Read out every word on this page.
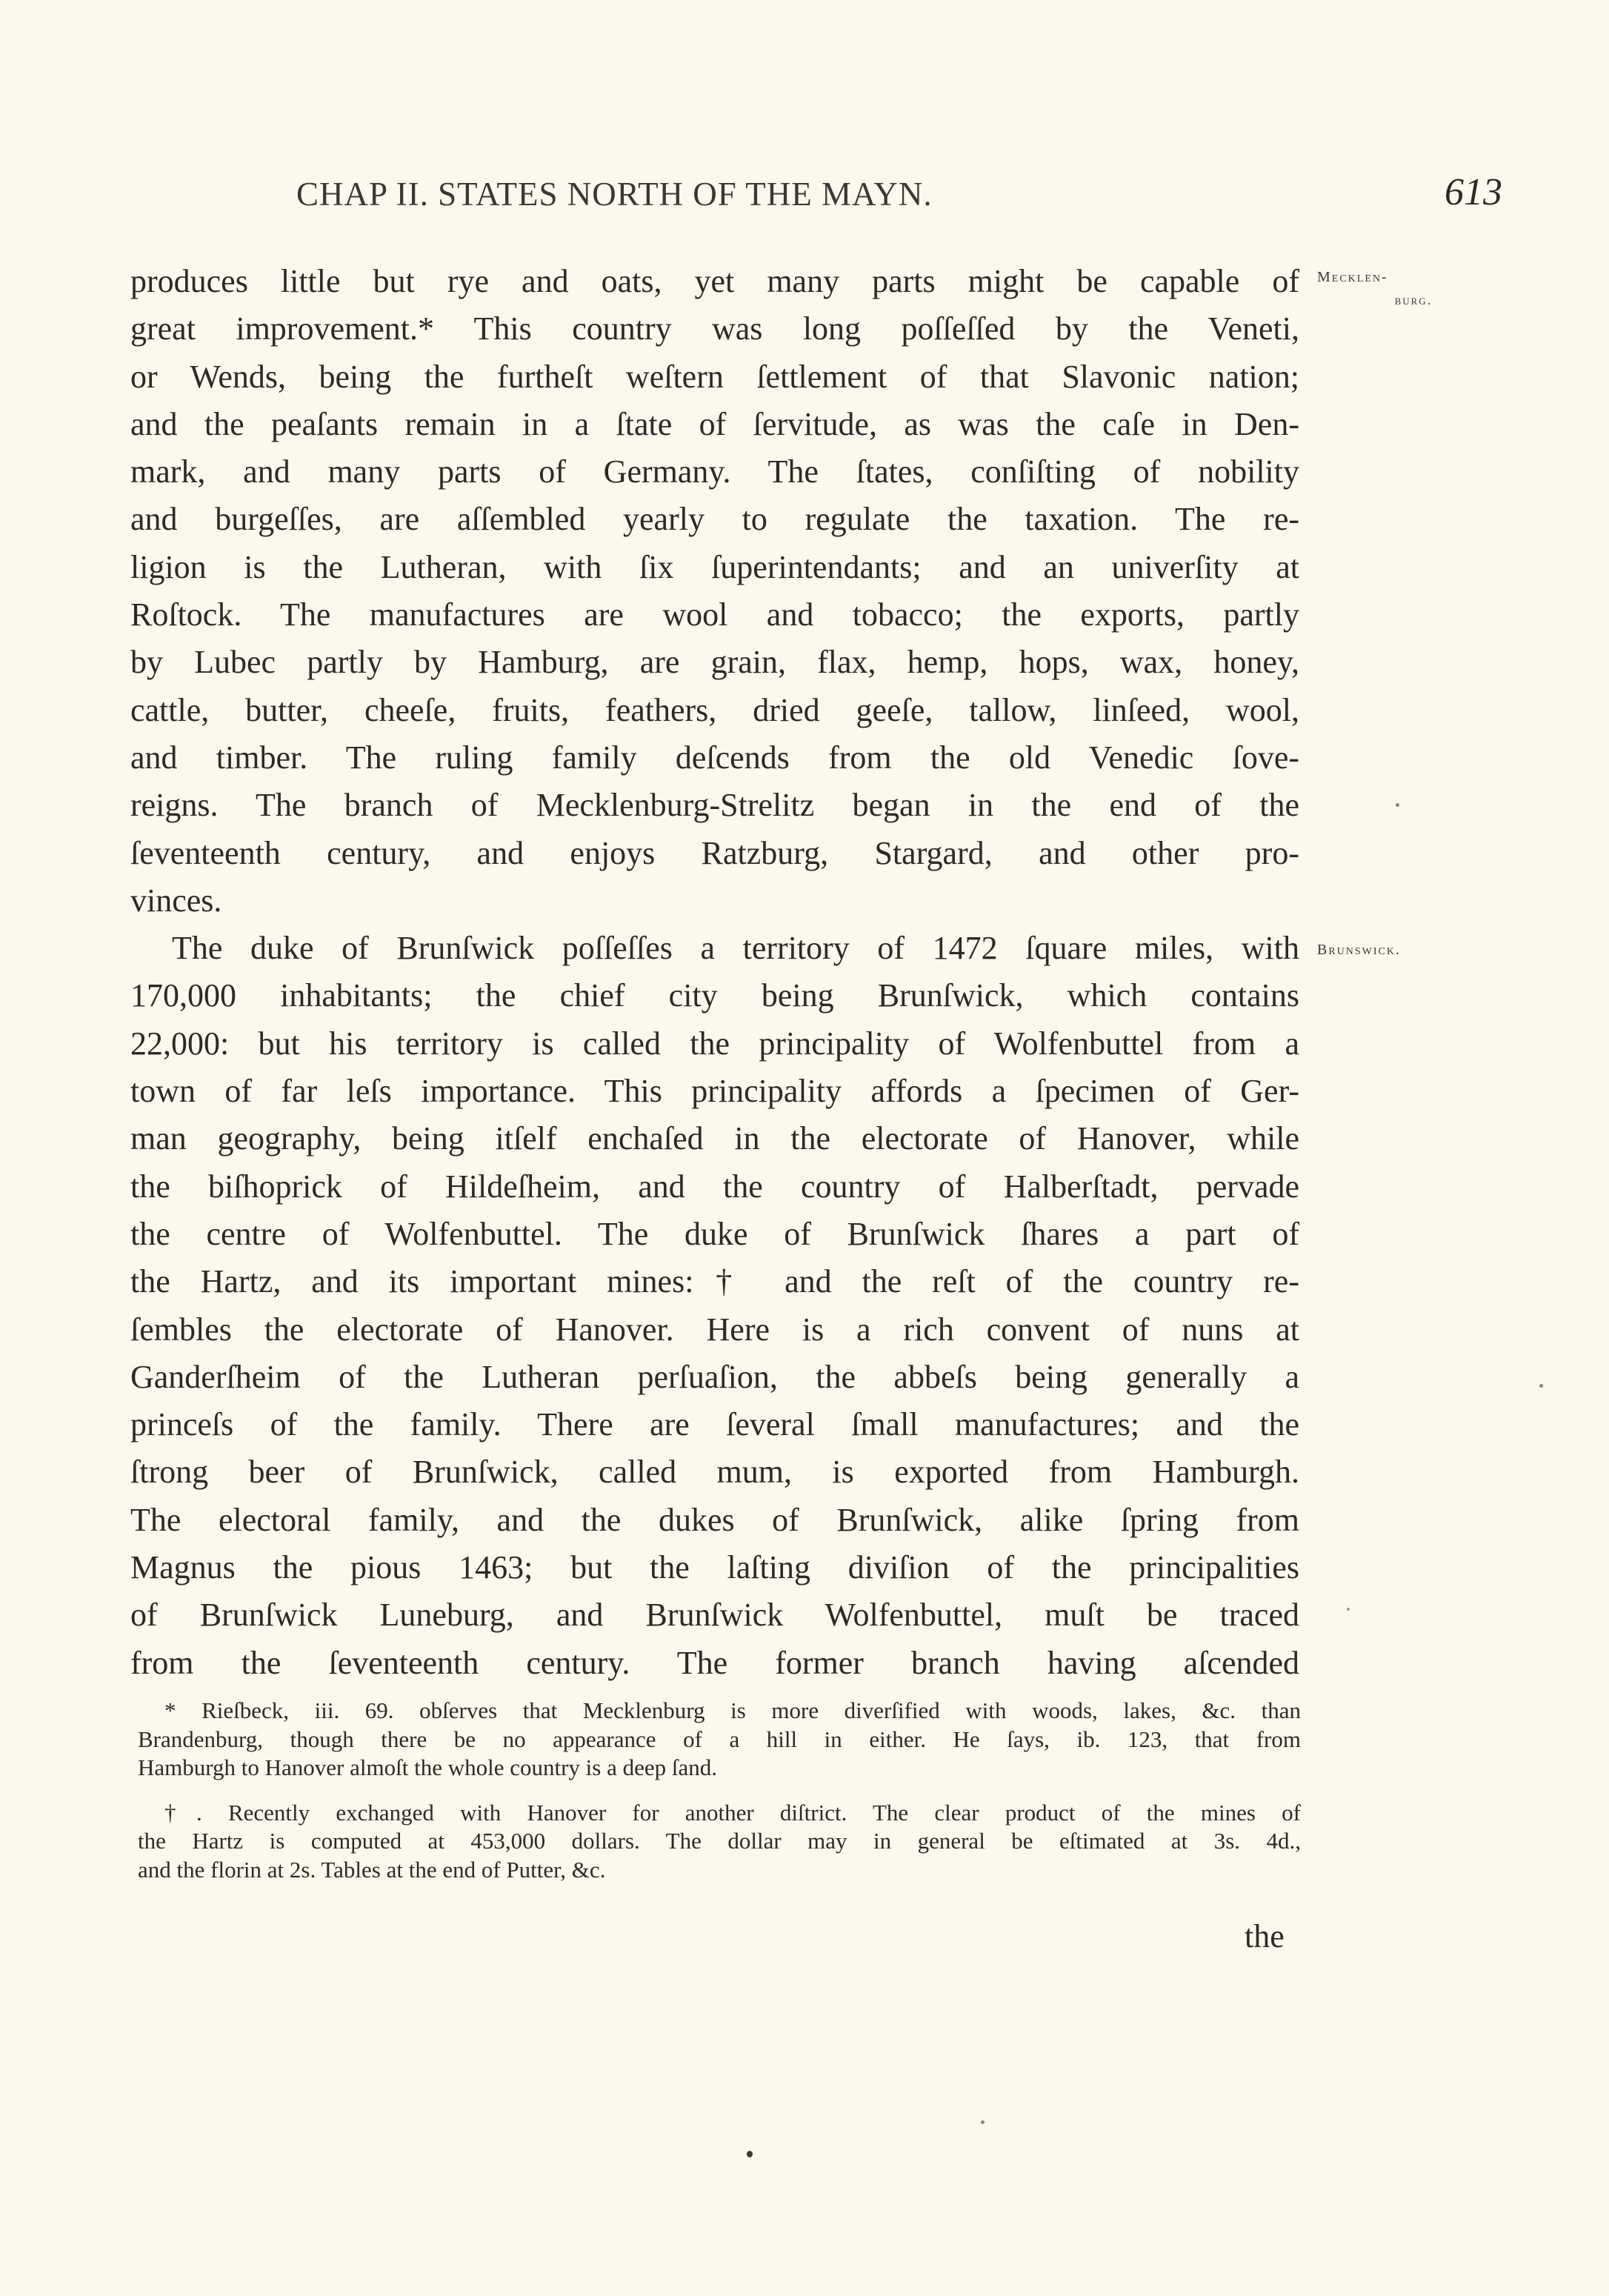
CHAP II. STATES NORTH OF THE MAYN.	613
Mecklen-
burg.
Brunswick.
produces little but rye and oats, yet many parts might be capable of
great improvement.* This country was long poſſeſſed by the Veneti,
or Wends, being the furtheſt weſtern ſettlement of that Slavonic nation;
and the peaſants remain in a ſtate of ſervitude, as was the caſe in Den-
mark, and many parts of Germany. The ſtates, conſiſting of nobility
and burgeſſes, are aſſembled yearly to regulate the taxation. The re-
ligion is the Lutheran, with ſix ſuperintendants; and an univerſity at
Roſtock. The manufactures are wool and tobacco; the exports, partly
by Lubec partly by Hamburg, are grain, flax, hemp, hops, wax, honey,
cattle, butter, cheeſe, fruits, feathers, dried geeſe, tallow, linſeed, wool,
and timber. The ruling family deſcends from the old Venedic ſove-
reigns. The branch of Mecklenburg-Strelitz began in the end of the
ſeventeenth century, and enjoys Ratzburg, Stargard, and other pro-
vinces.
The duke of Brunſwick poſſeſſes a territory of 1472 ſquare miles, with
170,000 inhabitants; the chief city being Brunſwick, which contains
22,000: but his territory is called the principality of Wolfenbuttel from a
town of far leſs importance. This principality affords a ſpecimen of Ger-
man geography, being itſelf enchaſed in the electorate of Hanover, while
the biſhoprick of Hildeſheim, and the country of Halberſtadt, pervade
the centre of Wolfenbuttel. The duke of Brunſwick ſhares a part of
the Hartz, and its important mines:† and the reſt of the country re-
ſembles the electorate of Hanover. Here is a rich convent of nuns at
Ganderſheim of the Lutheran perſuaſion, the abbeſs being generally a
princeſs of the family. There are ſeveral ſmall manufactures; and the
ſtrong beer of Brunſwick, called mum, is exported from Hamburgh.
The electoral family, and the dukes of Brunſwick, alike ſpring from
Magnus the pious 1463; but the laſting diviſion of the principalities
of Brunſwick Luneburg, and Brunſwick Wolfenbuttel, muſt be traced
from the ſeventeenth century. The former branch having aſcended
* Rieſbeck, iii. 69. obſerves that Mecklenburg is more diverſified with woods, lakes, &c. than
Brandenburg, though there be no appearance of a hill in either. He ſays, ib. 123, that from
Hamburgh to Hanover almoſt the whole country is a deep ſand.
†. Recently exchanged with Hanover for another diſtrict. The clear product of the mines of
the Hartz is computed at 453,000 dollars. The dollar may in general be eſtimated at 3s. 4d.,
and the florin at 2s. Tables at the end of Putter, &c.
the
